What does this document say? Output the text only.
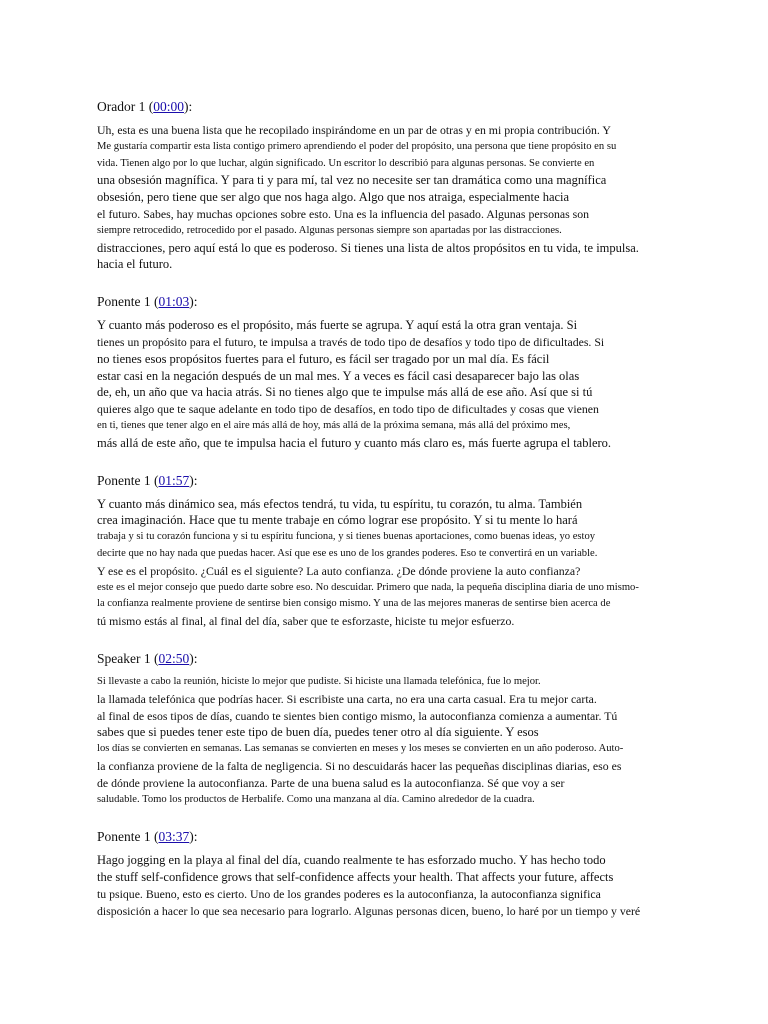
Orador 1 (00:00):
Uh, esta es una buena lista que he recopilado inspirándome en un par de otras y en mi propia contribución. Y
Me gustaría compartir esta lista contigo primero aprendiendo el poder del propósito, una persona que tiene propósito en su
vida. Tienen algo por lo que luchar, algún significado. Un escritor lo describió para algunas personas. Se convierte en
una obsesión magnífica. Y para ti y para mí, tal vez no necesite ser tan dramática como una magnífica
obsesión, pero tiene que ser algo que nos haga algo. Algo que nos atraiga, especialmente hacia
el futuro. Sabes, hay muchas opciones sobre esto. Una es la influencia del pasado. Algunas personas son
siempre retrocedido, retrocedido por el pasado. Algunas personas siempre son apartadas por las distracciones.
distracciones, pero aquí está lo que es poderoso. Si tienes una lista de altos propósitos en tu vida, te impulsa.
hacia el futuro.
Ponente 1 (01:03):
Y cuanto más poderoso es el propósito, más fuerte se agrupa. Y aquí está la otra gran ventaja. Si
tienes un propósito para el futuro, te impulsa a través de todo tipo de desafíos y todo tipo de dificultades. Si
no tienes esos propósitos fuertes para el futuro, es fácil ser tragado por un mal día. Es fácil
estar casi en la negación después de un mal mes. Y a veces es fácil casi desaparecer bajo las olas
de, eh, un año que va hacia atrás. Si no tienes algo que te impulse más allá de ese año. Así que si tú
quieres algo que te saque adelante en todo tipo de desafíos, en todo tipo de dificultades y cosas que vienen
en ti, tienes que tener algo en el aire más allá de hoy, más allá de la próxima semana, más allá del próximo mes,
más allá de este año, que te impulsa hacia el futuro y cuanto más claro es, más fuerte agrupa el tablero.
Ponente 1 (01:57):
Y cuanto más dinámico sea, más efectos tendrá, tu vida, tu espíritu, tu corazón, tu alma. También
crea imaginación. Hace que tu mente trabaje en cómo lograr ese propósito. Y si tu mente lo hará
trabaja y si tu corazón funciona y si tu espíritu funciona, y si tienes buenas aportaciones, como buenas ideas, yo estoy
decirte que no hay nada que puedas hacer. Así que ese es uno de los grandes poderes. Eso te convertirá en un variable.
Y ese es el propósito. ¿Cuál es el siguiente? La auto confianza. ¿De dónde proviene la auto confianza?
este es el mejor consejo que puedo darte sobre eso. No descuidar. Primero que nada, la pequeña disciplina diaria de uno mismo-
la confianza realmente proviene de sentirse bien consigo mismo. Y una de las mejores maneras de sentirse bien acerca de
tú mismo estás al final, al final del día, saber que te esforzaste, hiciste tu mejor esfuerzo.
Speaker 1 (02:50):
Si llevaste a cabo la reunión, hiciste lo mejor que pudiste. Si hiciste una llamada telefónica, fue lo mejor.
la llamada telefónica que podrías hacer. Si escribiste una carta, no era una carta casual. Era tu mejor carta.
al final de esos tipos de días, cuando te sientes bien contigo mismo, la autoconfianza comienza a aumentar. Tú
sabes que si puedes tener este tipo de buen día, puedes tener otro al día siguiente. Y esos
los días se convierten en semanas. Las semanas se convierten en meses y los meses se convierten en un año poderoso. Auto-
la confianza proviene de la falta de negligencia. Si no descuidarás hacer las pequeñas disciplinas diarias, eso es
de dónde proviene la autoconfianza. Parte de una buena salud es la autoconfianza. Sé que voy a ser
saludable. Tomo los productos de Herbalife. Como una manzana al día. Camino alrededor de la cuadra.
Ponente 1 (03:37):
Hago jogging en la playa al final del día, cuando realmente te has esforzado mucho. Y has hecho todo
the stuff self-confidence grows that self-confidence affects your health. That affects your future, affects
tu psique. Bueno, esto es cierto. Uno de los grandes poderes es la autoconfianza, la autoconfianza significa
disposición a hacer lo que sea necesario para lograrlo. Algunas personas dicen, bueno, lo haré por un tiempo y veré
